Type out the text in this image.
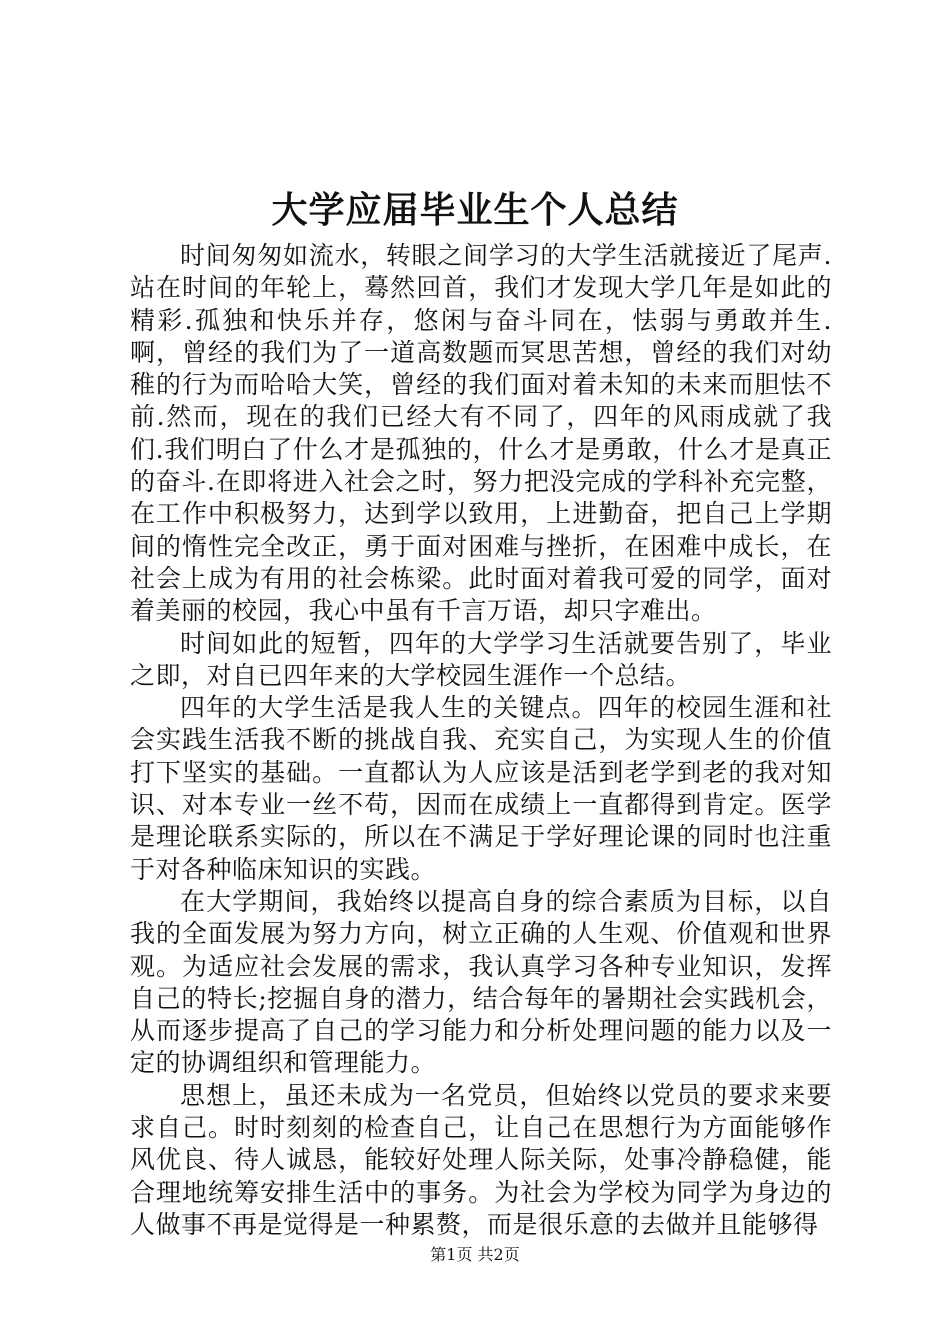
大学应届毕业生个人总结

时间匆匆如流水，转眼之间学习的大学生活就接近了尾声.站在时间的年轮上，蓦然回首，我们才发现大学几年是如此的精彩.孤独和快乐并存，悠闲与奋斗同在，怯弱与勇敢并生.啊，曾经的我们为了一道高数题而冥思苦想，曾经的我们对幼稚的行为而哈哈大笑，曾经的我们面对着未知的未来而胆怯不前.然而，现在的我们已经大有不同了，四年的风雨成就了我们.我们明白了什么才是孤独的，什么才是勇敢，什么才是真正的奋斗.在即将进入社会之时，努力把没完成的学科补充完整，在工作中积极努力，达到学以致用，上进勤奋，把自己上学期间的惰性完全改正，勇于面对困难与挫折，在困难中成长，在社会上成为有用的社会栋梁。此时面对着我可爱的同学，面对着美丽的校园，我心中虽有千言万语，却只字难出。

时间如此的短暂，四年的大学学习生活就要告别了，毕业之即，对自已四年来的大学校园生涯作一个总结。

四年的大学生活是我人生的关键点。四年的校园生涯和社会实践生活我不断的挑战自我、充实自己，为实现人生的价值打下坚实的基础。一直都认为人应该是活到老学到老的我对知识、对本专业一丝不苟，因而在成绩上一直都得到肯定。医学是理论联系实际的，所以在不满足于学好理论课的同时也注重于对各种临床知识的实践。

在大学期间，我始终以提高自身的综合素质为目标，以自我的全面发展为努力方向，树立正确的人生观、价值观和世界观。为适应社会发展的需求，我认真学习各种专业知识，发挥自己的特长;挖掘自身的潜力，结合每年的暑期社会实践机会，从而逐步提高了自己的学习能力和分析处理问题的能力以及一定的协调组织和管理能力。

思想上，虽还未成为一名党员，但始终以党员的要求来要求自己。时时刻刻的检查自己，让自己在思想行为方面能够作风优良、待人诚恳，能较好处理人际关际，处事冷静稳健，能合理地统筹安排生活中的事务。为社会为学校为同学为身边的人做事不再是觉得是一种累赘，而是很乐意的去做并且能够得

第1页 共2页
